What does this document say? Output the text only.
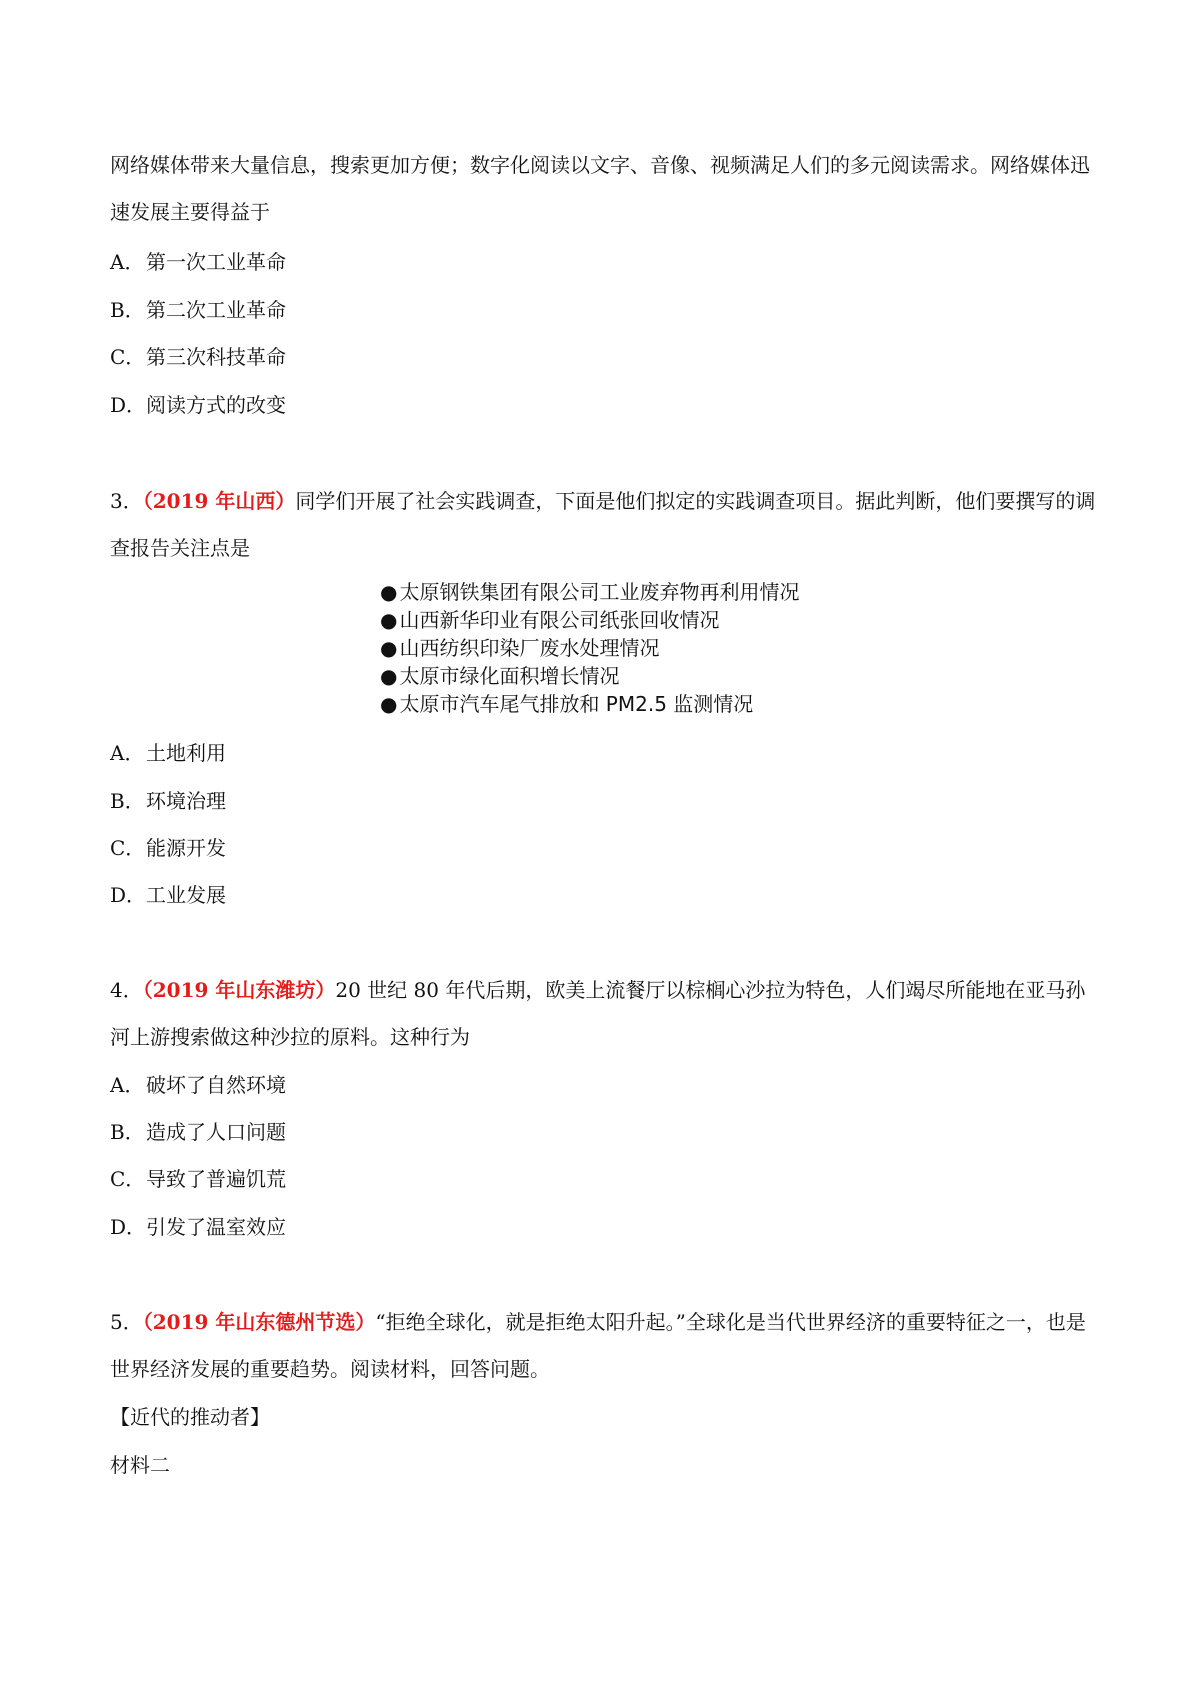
网络媒体带来大量信息，搜索更加方便；数字化阅读以文字、音像、视频满足人们的多元阅读需求。网络媒体迅速发展主要得益于

A．第一次工业革命

B．第二次工业革命

C．第三次科技革命

D．阅读方式的改变

3．（2019 年山西）同学们开展了社会实践调查，下面是他们拟定的实践调查项目。据此判断，他们要撰写的调查报告关注点是

● 太原钢铁集团有限公司工业废弃物再利用情况
● 山西新华印业有限公司纸张回收情况
● 山西纺织印染厂废水处理情况
● 太原市绿化面积增长情况
● 太原市汽车尾气排放和 PM2.5 监测情况

A．土地利用

B．环境治理

C．能源开发

D．工业发展

4．（2019 年山东潍坊）20 世纪 80 年代后期，欧美上流餐厅以棕榈心沙拉为特色，人们竭尽所能地在亚马孙河上游搜索做这种沙拉的原料。这种行为

A．破坏了自然环境

B．造成了人口问题

C．导致了普遍饥荒

D．引发了温室效应

5．（2019 年山东德州节选）“拒绝全球化，就是拒绝太阳升起。”全球化是当代世界经济的重要特征之一，也是世界经济发展的重要趋势。阅读材料，回答问题。

【近代的推动者】

材料二
